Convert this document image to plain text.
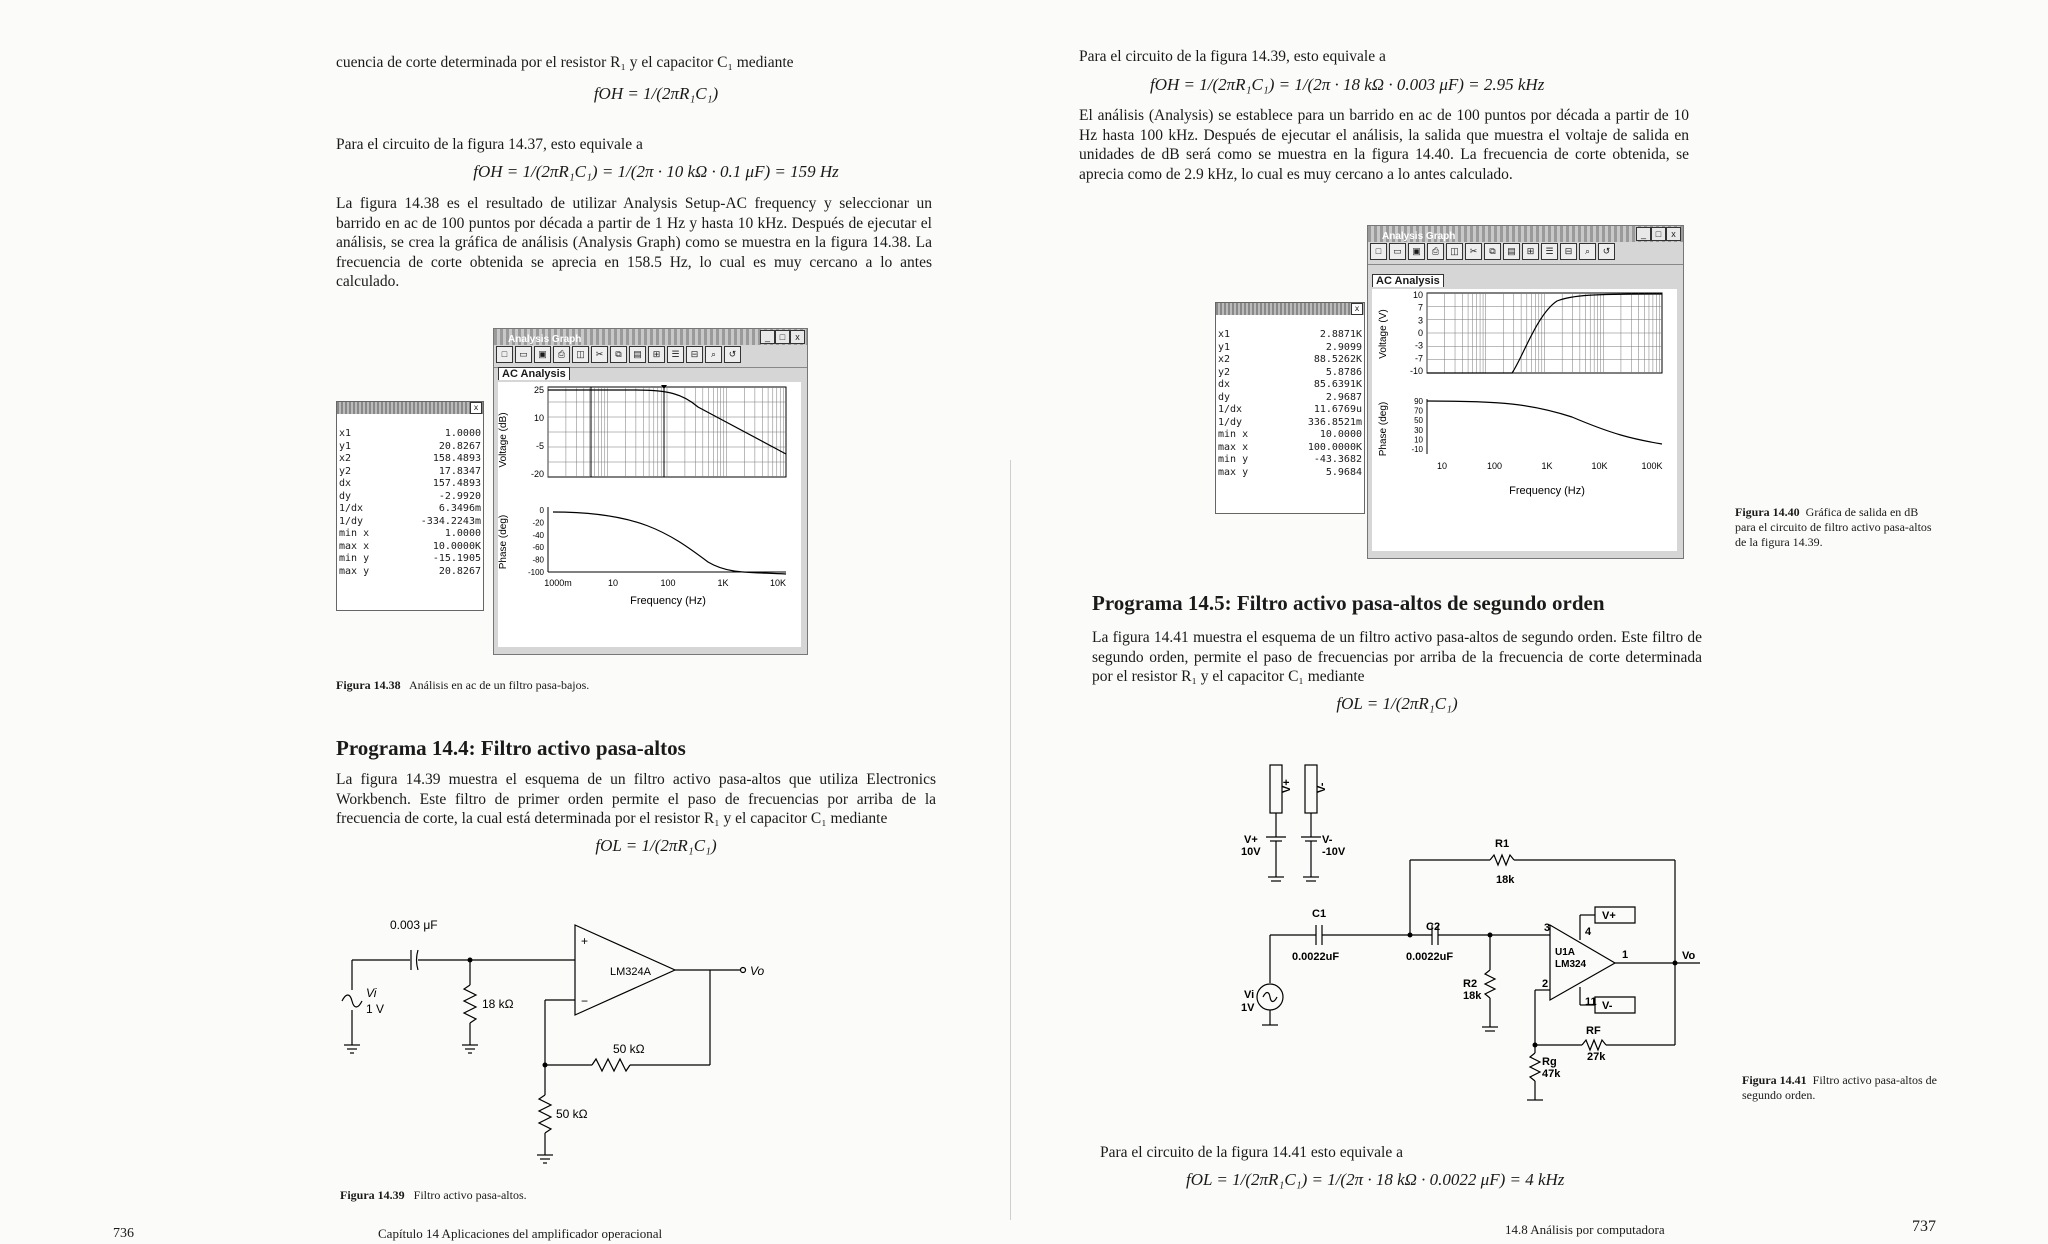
cuencia de corte determinada por el resistor R₁ y el capacitor C₁ mediante
fOH = 1/(2πR₁C₁)
Para el circuito de la figura 14.37, esto equivale a
fOH = 1/(2πR₁C₁) = 1/(2π · 10 kΩ · 0.1 μF) = 159 Hz
La figura 14.38 es el resultado de utilizar Analysis Setup-AC frequency y seleccionar un barrido en ac de 100 puntos por década a partir de 1 Hz y hasta 10 kHz. Después de ejecutar el análisis, se crea la gráfica de análisis (Analysis Graph) como se muestra en la figura 14.38. La frecuencia de corte obtenida se aprecia en 158.5 Hz, lo cual es muy cercano a lo antes calculado.
x
x1	1.0000
y1	20.8267
x2	158.4893
y2	17.8347
dx	157.4893
dy	-2.9920
1/dx	6.3496m
1/dy	-334.2243m
min x	1.0000
max x	10.0000K
min y	-15.1905
max y	20.8267
Analysis Graph	_	□	x
□	▭	▣	⎙	◫	✂	⧉	▤	⊞	☰	⊟	⌕	↺
AC Analysis
Voltage (dB)
25
10
-5
-20
Phase (deg)
0
-20
-40
-60
-80
-100
1000m	10	100	1K	10K
Frequency (Hz)
Figura 14.38 Análisis en ac de un filtro pasa-bajos.
Programa 14.4: Filtro activo pasa-altos
La figura 14.39 muestra el esquema de un filtro activo pasa-altos que utiliza Electronics Workbench. Este filtro de primer orden permite el paso de frecuencias por arriba de la frecuencia de corte, la cual está determinada por el resistor R₁ y el capacitor C₁ mediante
fOL = 1/(2πR₁C₁)
0.003 μF
Vi
1 V	18 kΩ
LM324A
+
−
Vo
50 kΩ
50 kΩ
Figura 14.39 Filtro activo pasa-altos.
736	Capítulo 14 Aplicaciones del amplificador operacional
Para el circuito de la figura 14.39, esto equivale a
fOH = 1/(2πR₁C₁) = 1/(2π · 18 kΩ · 0.003 μF) = 2.95 kHz
El análisis (Analysis) se establece para un barrido en ac de 100 puntos por década a partir de 10 Hz hasta 100 kHz. Después de ejecutar el análisis, la salida que muestra el voltaje de salida en unidades de dB será como se muestra en la figura 14.40. La frecuencia de corte obtenida, se aprecia como de 2.9 kHz, lo cual es muy cercano a lo antes calculado.
x
x1	2.8871K
y1	2.9099
x2	88.5262K
y2	5.8786
dx	85.6391K
dy	2.9687
1/dx	11.6769u
1/dy	336.8521m
min x	10.0000
max x	100.0000K
min y	-43.3682
max y	5.9684
Analysis Graph	_	□	x
□	▭	▣	⎙	◫	✂	⧉	▤	⊞	☰	⊟	⌕	↺
AC Analysis
Voltage (V)
10
7
3
0
-3
-7
-10
Phase (deg)
90
70
50
30
10
-10
10	100	1K	10K	100K
Frequency (Hz)
Figura 14.40 Gráfica de salida en dB para el circuito de filtro activo pasa-altos de la figura 14.39.
Programa 14.5: Filtro activo pasa-altos de segundo orden
La figura 14.41 muestra el esquema de un filtro activo pasa-altos de segundo orden. Este filtro de segundo orden, permite el paso de frecuencias por arriba de la frecuencia de corte determinada por el resistor R₁ y el capacitor C₁ mediante
fOL = 1/(2πR₁C₁)
V+ V-
V+
10V
V-
-10V
R1
18k
C1
0.0022uF
C2
0.0022uF
R2
18k
Vi
1V
3
2
4
11
1
U1A
LM324
V+
V-
RF
27k
Rg
47k
Vo
Figura 14.41 Filtro activo pasa-altos de segundo orden.
Para el circuito de la figura 14.41 esto equivale a
fOL = 1/(2πR₁C₁) = 1/(2π · 18 kΩ · 0.0022 μF) = 4 kHz
14.8 Análisis por computadora	737
